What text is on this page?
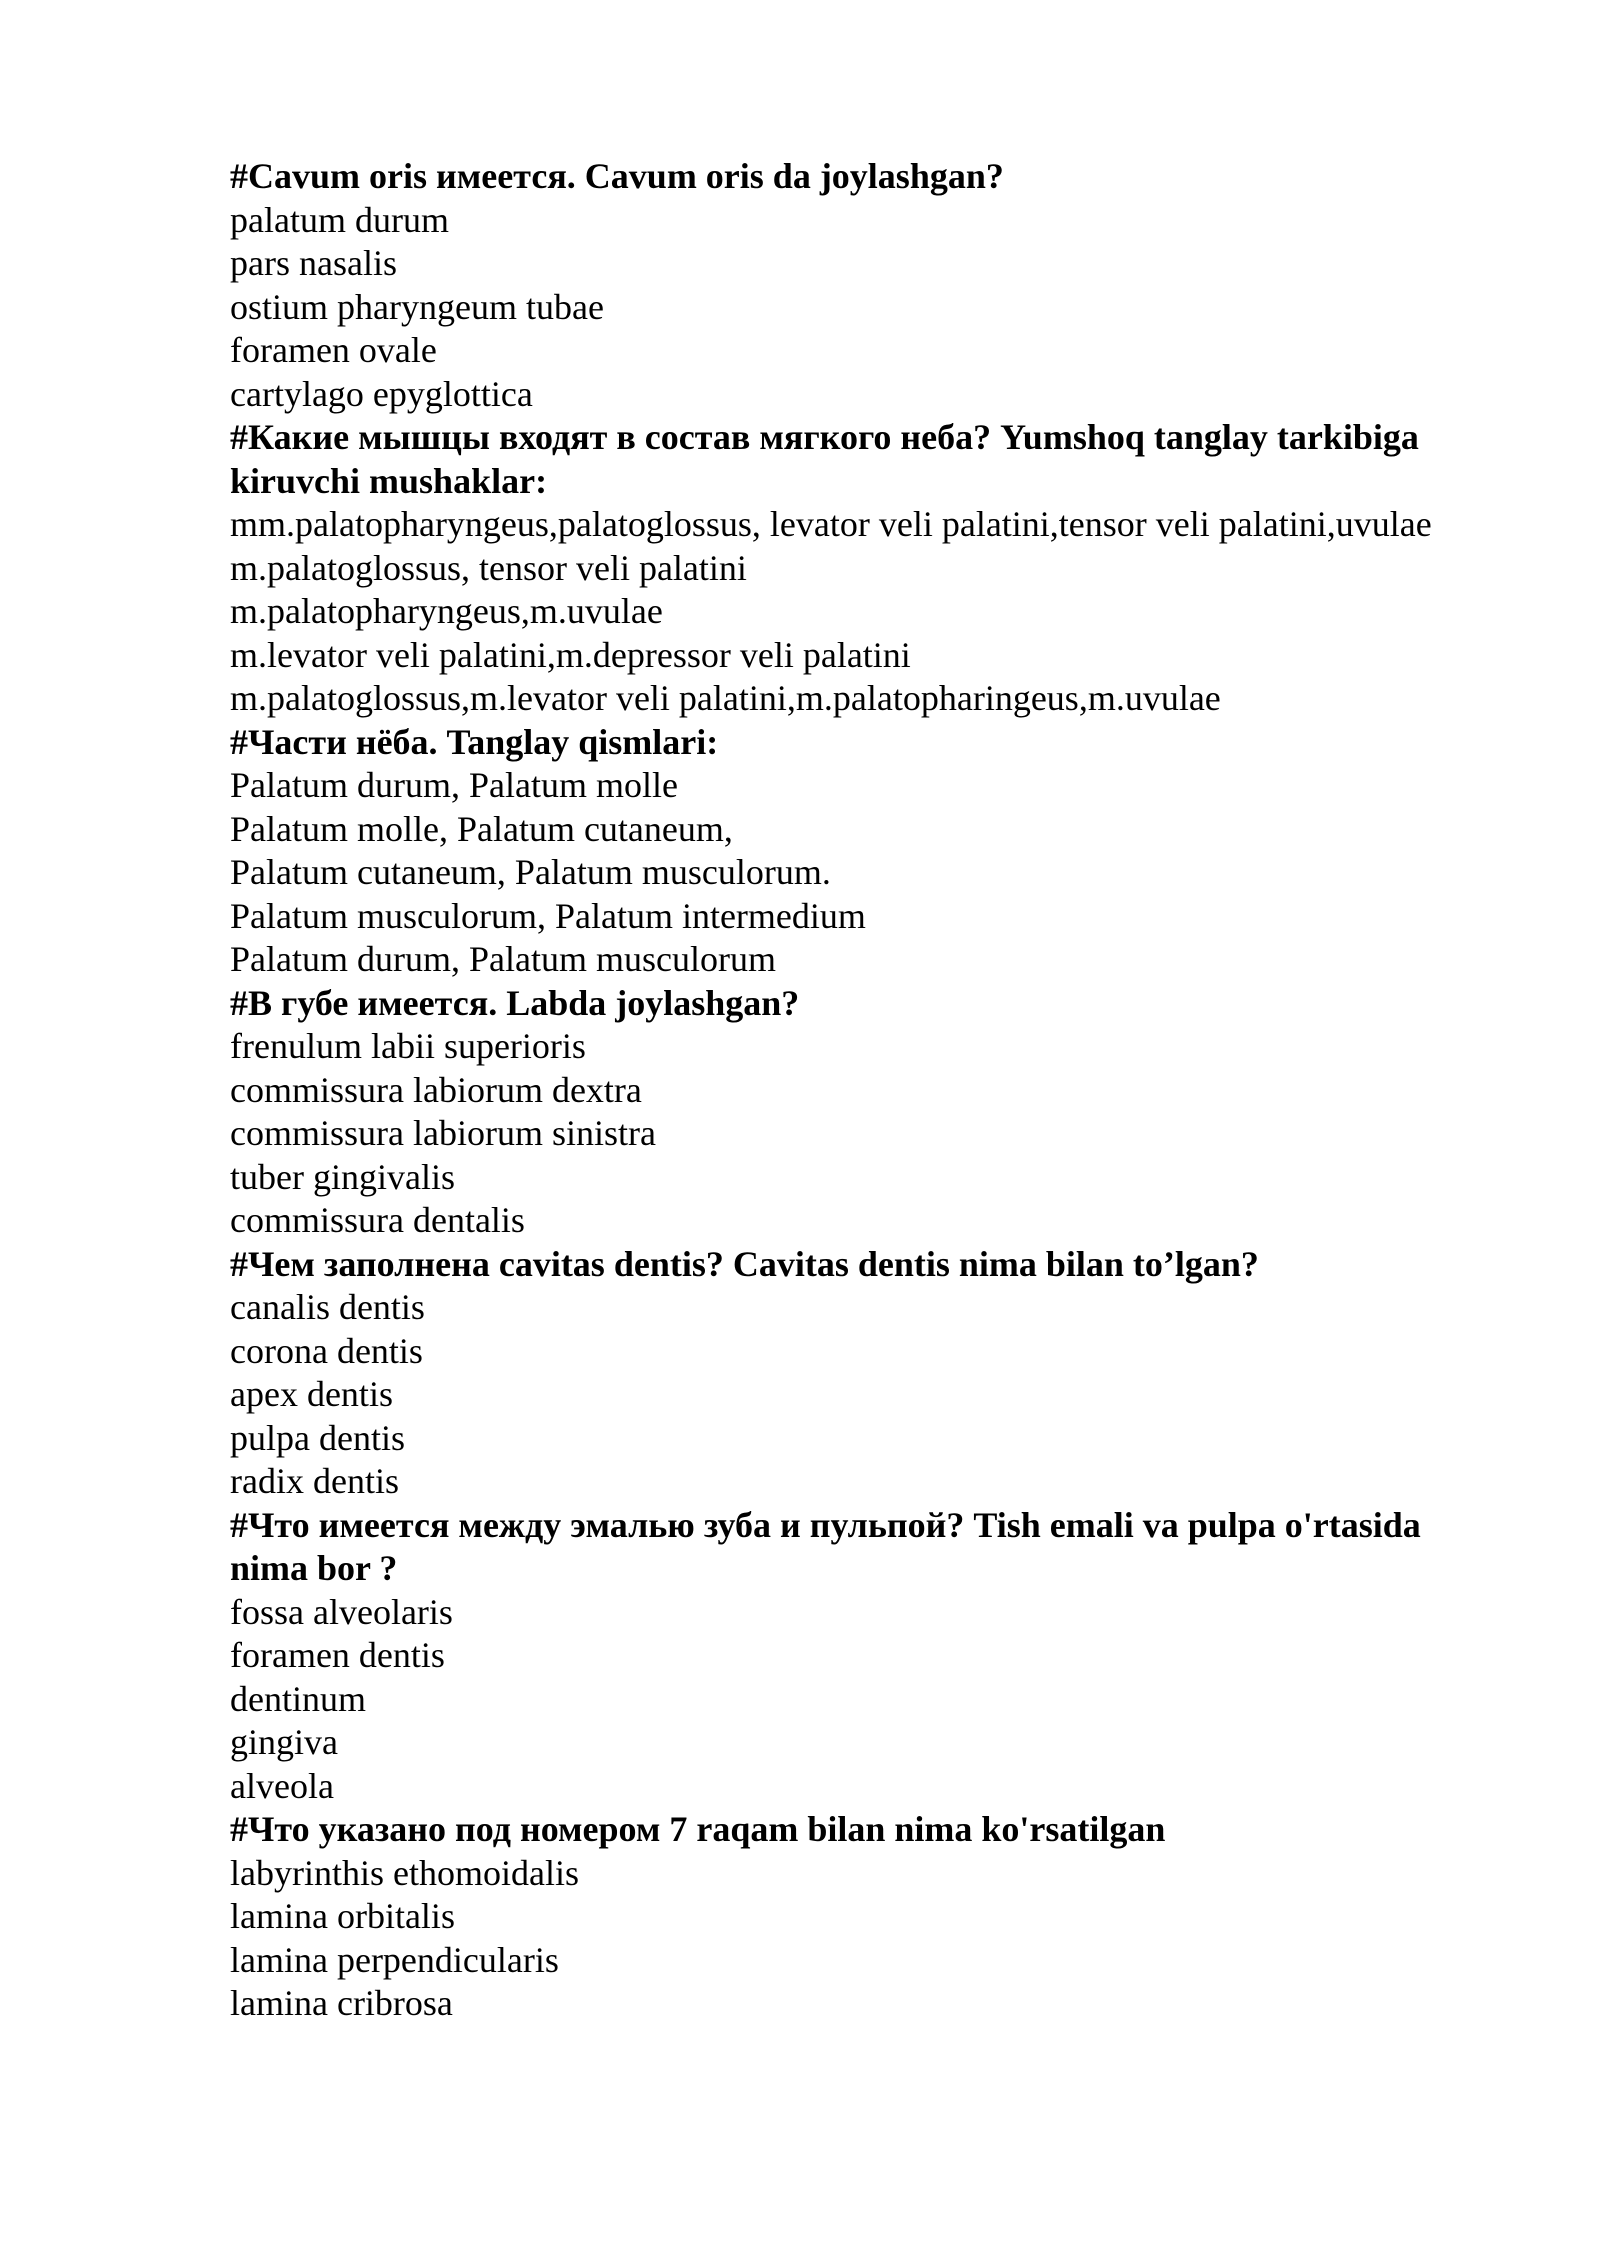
#Cavum oris имеется. Cavum oris da joylashgan?

palatum durum

pars nasalis

ostium pharyngeum tubae

foramen ovale

cartylago epyglottica

#Какие мышцы входят в состав мягкого неба? Yumshoq tanglay tarkibiga kiruvchi mushaklar:

mm.palatopharyngeus,palatoglossus, levator veli palatini,tensor veli palatini,uvulae

m.palatoglossus, tensor veli palatini

m.palatopharyngeus,m.uvulae

m.levator veli palatini,m.depressor veli palatini

m.palatoglossus,m.levator veli palatini,m.palatopharingeus,m.uvulae

#Части нёба. Tanglay qismlari:

Palatum durum, Palatum molle

Palatum molle, Palatum cutaneum,

Palatum cutaneum, Palatum musculorum.

Palatum musculorum, Palatum intermedium

Palatum durum, Palatum musculorum

#В губе имеется. Labda joylashgan?

frenulum labii superioris

commissura labiorum dextra

commissura labiorum sinistra

tuber gingivalis

commissura dentalis

#Чем заполнена cavitas dentis? Cavitas dentis nima bilan to’lgan?

canalis dentis

corona dentis

apex dentis

pulpa dentis

radix dentis

#Что имеется между эмалью зуба и пульпой? Tish emali va pulpa o'rtasida nima bor ?

fossa alveolaris

foramen dentis

dentinum

gingiva

alveola

#Что указано под номером 7 raqam bilan nima ko'rsatilgan

labyrinthis ethomoidalis

lamina orbitalis

lamina perpendicularis

lamina cribrosa
